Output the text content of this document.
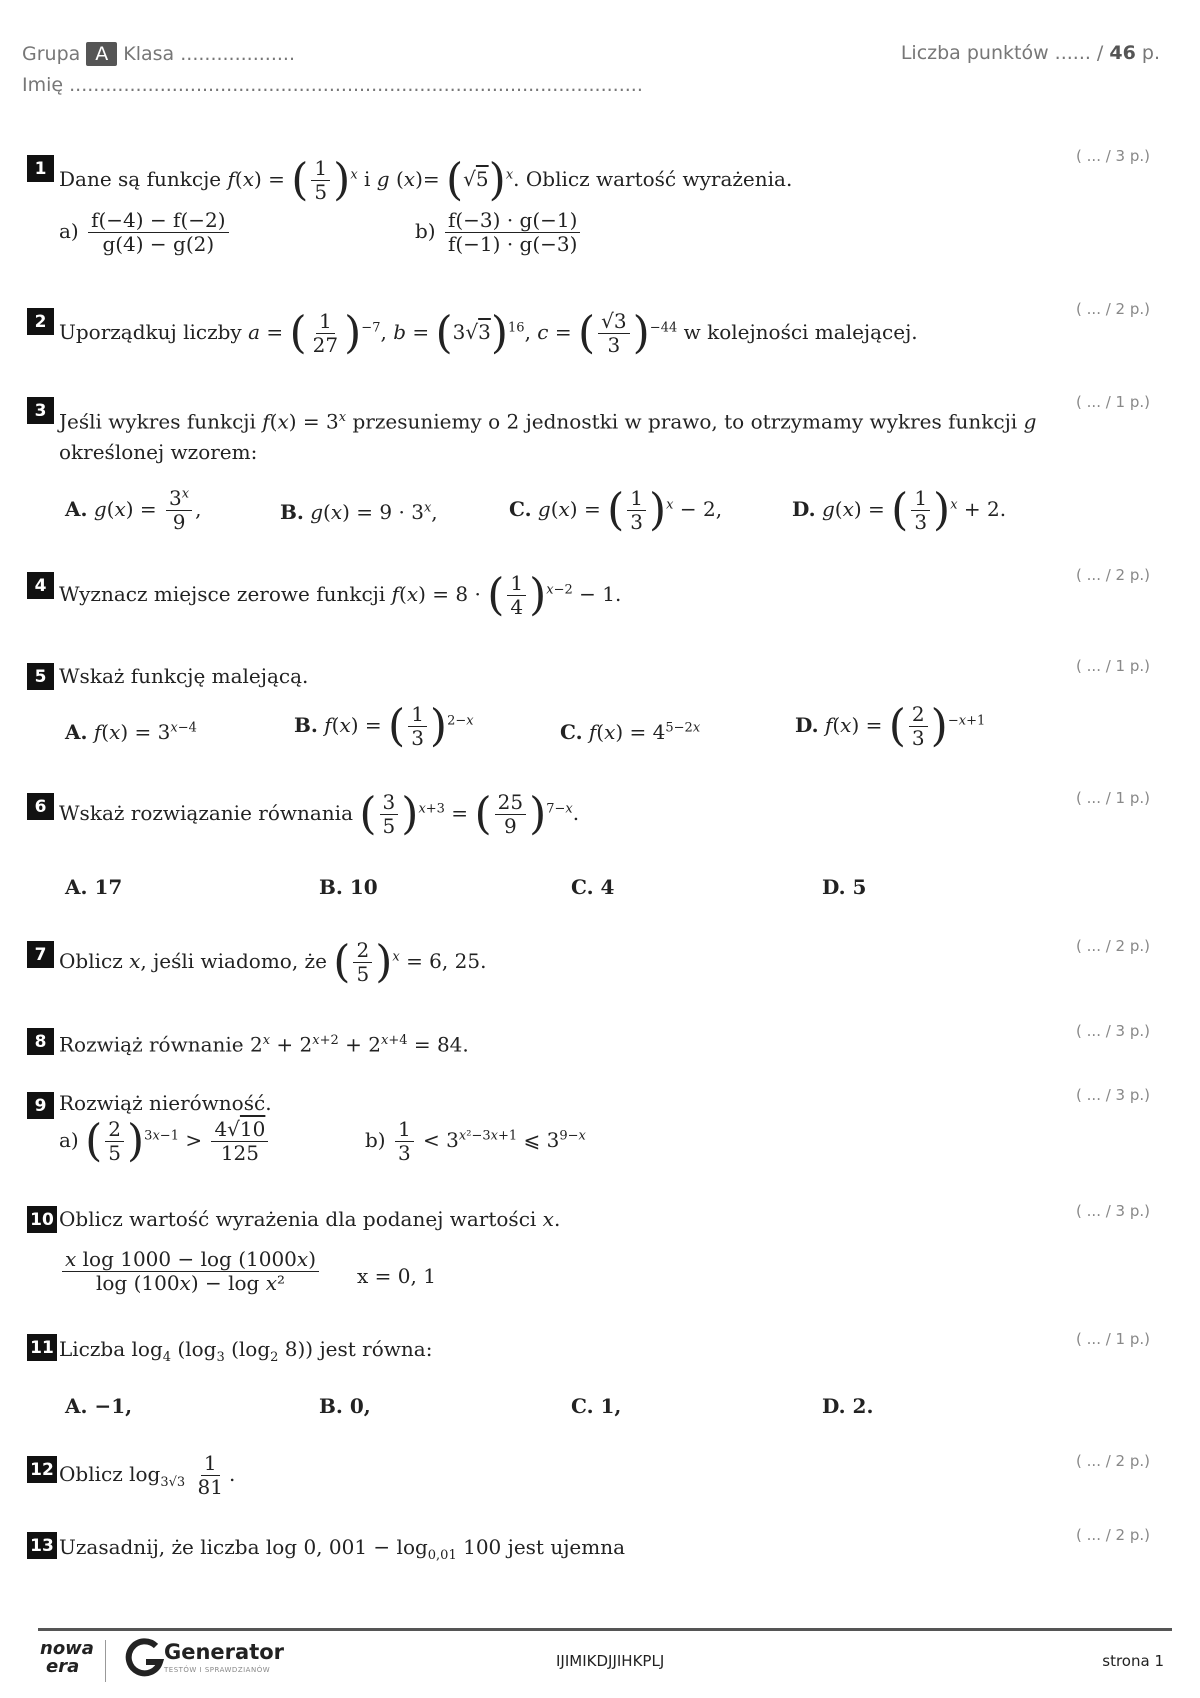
Grupa A Klasa ...................
Imię ...............................................................................................
Liczba punktów ...... / 46 p.
1
( ... / 3 p.)
Dane są funkcje f(x) = ( $\frac{1}{5} )^x$ i g $(x)= (√5)^x$. Oblicz wartość wyrażenia.
$a) \frac{f(-4) - f(-2)}{g(4) - g(2)}$	$b) \frac{f(-3) \cdot g(-1)}{f(-1) \cdot g(-3)}$
2
( ... / 2 p.)
Uporządkuj liczby a = ( $\frac{1}{27} )^{-7}$, $b = (3√3)^{16}$, c = ( $\frac{√3}{3} )^{-44}$ w kolejności malejącej.
3	( ... / 1 p.)
Jeśli wykres funkcji $f(x) = 3^x$ przesuniemy o 2 jednostki w prawo, to otrzymamy wykres funkcji g
określonej wzorem:
A. $g(x) = \frac{3^x}{9}$ ,	B. $g(x) = 9 \cdot 3^x$,	C. g(x) = ( $\frac{1}{3} )^x - 2$,	D. g(x) = ( $\frac{1}{3} )^x + 2$.
4
( ... / 2 p.)
Wyznacz miejsce zerowe funkcji f(x) = 8 · ( $\frac{1}{4} )^{x-2} - 1$.
5
( ... / 1 p.)
Wskaż funkcję malejącą.
A. $f(x) = 3^{x-4}$	B. f(x) = ( $\frac{1}{3} )^{2-x}$	C. $f(x) = 4^{5-2x}$	D. f(x) = ( $\frac{2}{3} )^{-x+1}$
6	( ... / 1 p.)
Wskaż rozwiązanie równania ( $\frac{3}{5} )^{x+3}$ = ( $\frac{25}{9} )^{7-x}$.
A. 17	B. 10	C. 4	D. 5
7	( ... / 2 p.)
Oblicz x, jeśli wiadomo, że ( $\frac{2}{5} )^x = 6$, 25.
8
( ... / 3 p.)
Rozwiąż równanie $2^x + 2^{x+2} + 2^{x+4} = 84$.
9
( ... / 3 p.)
Rozwiąż nierówność.
a) ( $\frac{2}{5} )^{3x-1} > \frac{4√10}{125}$	$b) \frac{1}{3} < 3^{x^2-3x+1}$ ⩽ $3^{9-x}$
10	( ... / 3 p.)
Oblicz wartość wyrażenia dla podanej wartości x.
$\frac{\text{x log 1000 − log (1000x)}}{\text{log (100x) − log x²}}$ x = 0, 1
11	( ... / 1 p.)
Liczba $\log_4 (\log_3$ ($\log_2$ 8)) jest równa:
A. −1,	B. 0,	C. 1,	D. 2.
12	( ... / 2 p.)
Oblicz $\log_{3√3} \frac{1}{81}$ .
13
( ... / 2 p.)
Uzasadnij, że liczba log 0, $001 - \log_{0,01} 100$ jest ujemna
nowa
era
Generator
TESTÓW I SPRAWDZIANÓW	IJIMIKDJJIHKPLJ	strona 1
